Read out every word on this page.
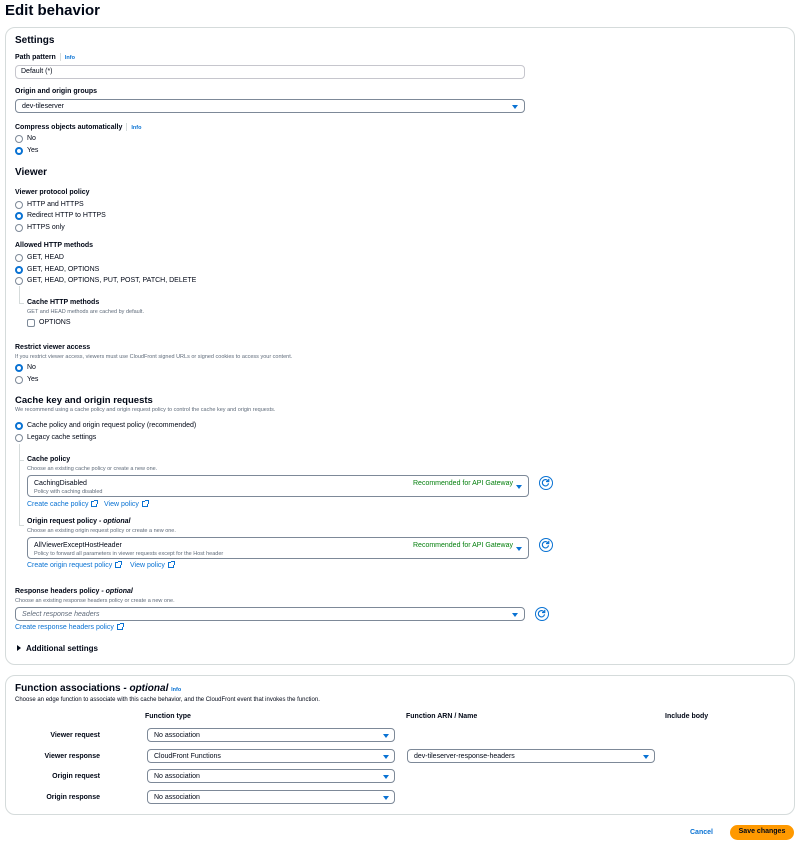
Edit behavior
Settings
Path pattern Info
Default (*)
Origin and origin groups
dev-tileserver
Compress objects automatically Info
No
Yes
Viewer
Viewer protocol policy
HTTP and HTTPS
Redirect HTTP to HTTPS
HTTPS only
Allowed HTTP methods
GET, HEAD
GET, HEAD, OPTIONS
GET, HEAD, OPTIONS, PUT, POST, PATCH, DELETE
Cache HTTP methods
GET and HEAD methods are cached by default.
OPTIONS
Restrict viewer access
If you restrict viewer access, viewers must use CloudFront signed URLs or signed cookies to access your content.
No
Yes
Cache key and origin requests
We recommend using a cache policy and origin request policy to control the cache key and origin requests.
Cache policy and origin request policy (recommended)
Legacy cache settings
Cache policy
Choose an existing cache policy or create a new one.
CachingDisabled
Policy with caching disabled
Recommended for API Gateway
Create cache policy	View policy
Origin request policy - optional
Choose an existing origin request policy or create a new one.
AllViewerExceptHostHeader
Policy to forward all parameters in viewer requests except for the Host header
Recommended for API Gateway
Create origin request policy	View policy
Response headers policy - optional
Choose an existing response headers policy or create a new one.
Select response headers
Create response headers policy
Additional settings
Function associations - optional Info
Choose an edge function to associate with this cache behavior, and the CloudFront event that invokes the function.
Function type	Function ARN / Name	Include body
Viewer request	No association
Viewer response	CloudFront Functions	dev-tileserver-response-headers
Origin request	No association
Origin response	No association
Cancel	Save changes
